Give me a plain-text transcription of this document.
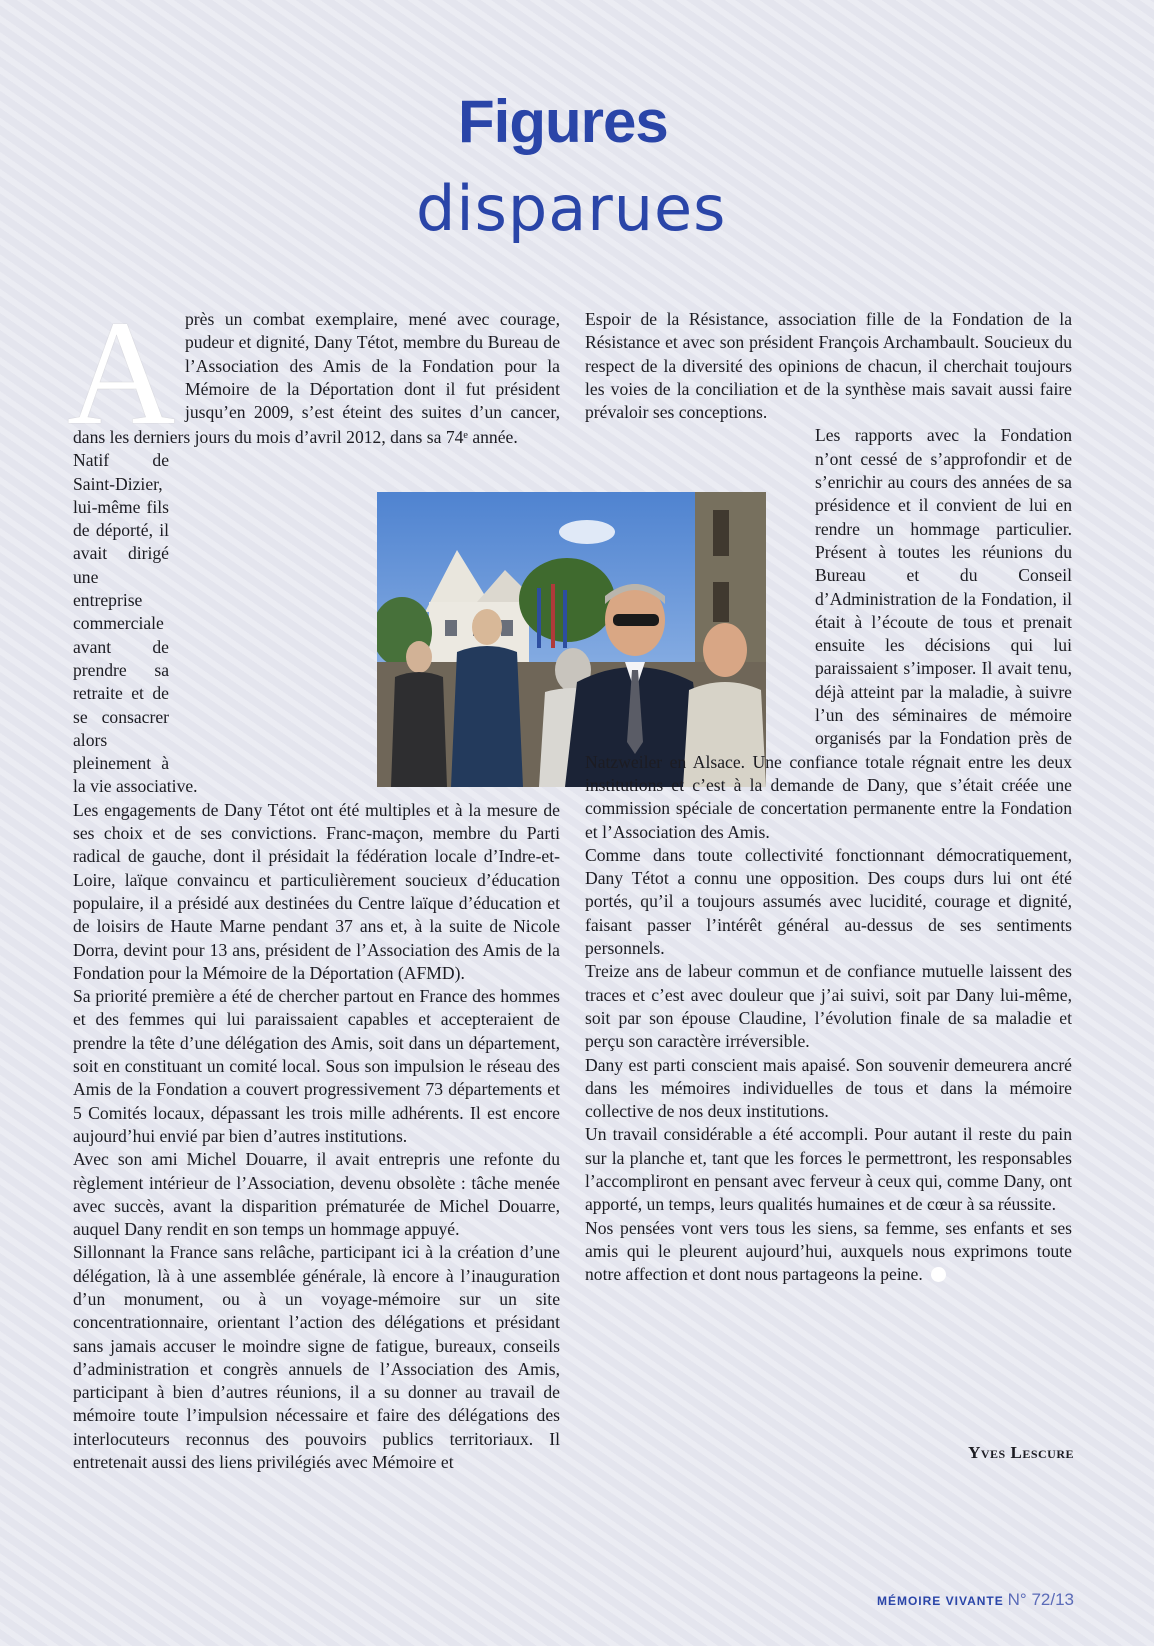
Figures
disparues
A près un combat exemplaire, mené avec courage, pudeur et dignité, Dany Tétot, membre du Bureau de l’Association des Amis de la Fondation pour la Mémoire de la Déportation dont il fut président jusqu’en 2009, s’est éteint des suites d’un cancer, dans les derniers jours du mois d’avril 2012, dans sa 74ᵉ année.

Natif de Saint-Dizier, lui-même fils de déporté, il avait dirigé une entreprise commerciale avant de prendre sa retraite et de se consacrer alors pleinement à la vie associative.

Les engagements de Dany Tétot ont été multiples et à la mesure de ses choix et de ses convictions. Franc-maçon, membre du Parti radical de gauche, dont il présidait la fédération locale d’Indre-et-Loire, laïque convaincu et particulièrement soucieux d’éducation populaire, il a présidé aux destinées du Centre laïque d’éducation et de loisirs de Haute Marne pendant 37 ans et, à la suite de Nicole Dorra, devint pour 13 ans, président de l’Association des Amis de la Fondation pour la Mémoire de la Déportation (AFMD).

Sa priorité première a été de chercher partout en France des hommes et des femmes qui lui paraissaient capables et accepteraient de prendre la tête d’une délégation des Amis, soit dans un département, soit en constituant un comité local. Sous son impulsion le réseau des Amis de la Fondation a couvert progressivement 73 départements et 5 Comités locaux, dépassant les trois mille adhérents. Il est encore aujourd’hui envié par bien d’autres institutions.

Avec son ami Michel Douarre, il avait entrepris une refonte du règlement intérieur de l’Association, devenu obsolète : tâche menée avec succès, avant la disparition prématurée de Michel Douarre, auquel Dany rendit en son temps un hommage appuyé.

Sillonnant la France sans relâche, participant ici à la création d’une délégation, là à une assemblée générale, là encore à l’inauguration d’un monument, ou à un voyage-mémoire sur un site concentrationnaire, orientant l’action des délégations et présidant sans jamais accuser le moindre signe de fatigue, bureaux, conseils d’administration et congrès annuels de l’Association des Amis, participant à bien d’autres réunions, il a su donner au travail de mémoire toute l’impulsion nécessaire et faire des délégations des interlocuteurs reconnus des pouvoirs publics territoriaux. Il entretenait aussi des liens privilégiés avec Mémoire et

Espoir de la Résistance, association fille de la Fondation de la Résistance et avec son président François Archambault. Soucieux du respect de la diversité des opinions de chacun, il cherchait toujours les voies de la conciliation et de la synthèse mais savait aussi faire prévaloir ses conceptions.

Les rapports avec la Fondation n’ont cessé de s’approfondir et de s’enrichir au cours des années de sa présidence et il convient de lui en rendre un hommage particulier. Présent à toutes les réunions du Bureau et du Conseil d’Administration de la Fondation, il était à l’écoute de tous et prenait ensuite les décisions qui lui paraissaient s’imposer. Il avait tenu, déjà atteint par la maladie, à suivre l’un des séminaires de mémoire organisés par la Fondation près de Natzweiler en Alsace. Une confiance totale régnait entre les deux institutions et c’est à la demande de Dany, que s’était créée une commission spéciale de concertation permanente entre la Fondation et l’Association des Amis.

Comme dans toute collectivité fonctionnant démocratiquement, Dany Tétot a connu une opposition. Des coups durs lui ont été portés, qu’il a toujours assumés avec lucidité, courage et dignité, faisant passer l’intérêt général au-dessus de ses sentiments personnels.

Treize ans de labeur commun et de confiance mutuelle laissent des traces et c’est avec douleur que j’ai suivi, soit par Dany lui-même, soit par son épouse Claudine, l’évolution finale de sa maladie et perçu son caractère irréversible.

Dany est parti conscient mais apaisé. Son souvenir demeurera ancré dans les mémoires individuelles de tous et dans la mémoire collective de nos deux institutions.

Un travail considérable a été accompli. Pour autant il reste du pain sur la planche et, tant que les forces le permettront, les responsables l’accompliront en pensant avec ferveur à ceux qui, comme Dany, ont apporté, un temps, leurs qualités humaines et de cœur à sa réussite.

Nos pensées vont vers tous les siens, sa femme, ses enfants et ses amis qui le pleurent aujourd’hui, auxquels nous exprimons toute notre affection et dont nous partageons la peine.

Yves Lescure
MÉMOIRE VIVANTE N° 72/13
